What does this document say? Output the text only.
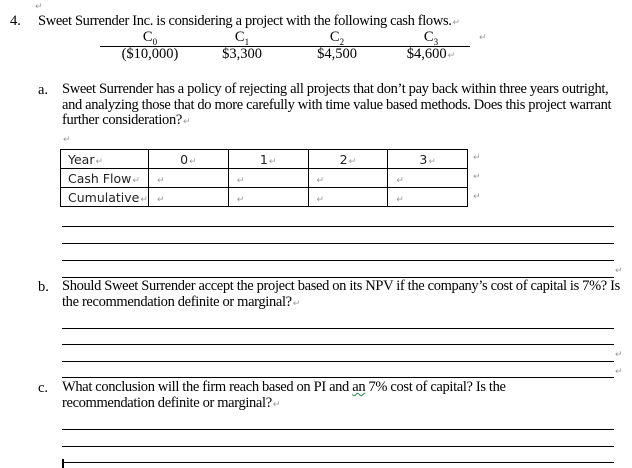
↵
4. Sweet Surrender Inc. is considering a project with the following cash flows.↵
$C_0$	$C_1$	$C_2$	$C_3$	↵
($10,000)	$3,300	$4,500	$4,600↵
a. Sweet Surrender has a policy of rejecting all projects that don’t pay back within three years outright, and analyzing those that do more carefully with time value based methods. Does this project warrant further consideration?↵
↵
Year↵	0↵	1↵	2↵	3↵
Cash Flow↵	↵	↵	↵	↵
Cumulative↵	↵	↵	↵	↵
↵
↵
↵
↵
b. Should Sweet Surrender accept the project based on its NPV if the company’s cost of capital is 7%? Is the recommendation definite or marginal?↵
↵
↵
c. What conclusion will the firm reach based on PI and an 7% cost of capital? Is the recommendation definite or marginal?↵
